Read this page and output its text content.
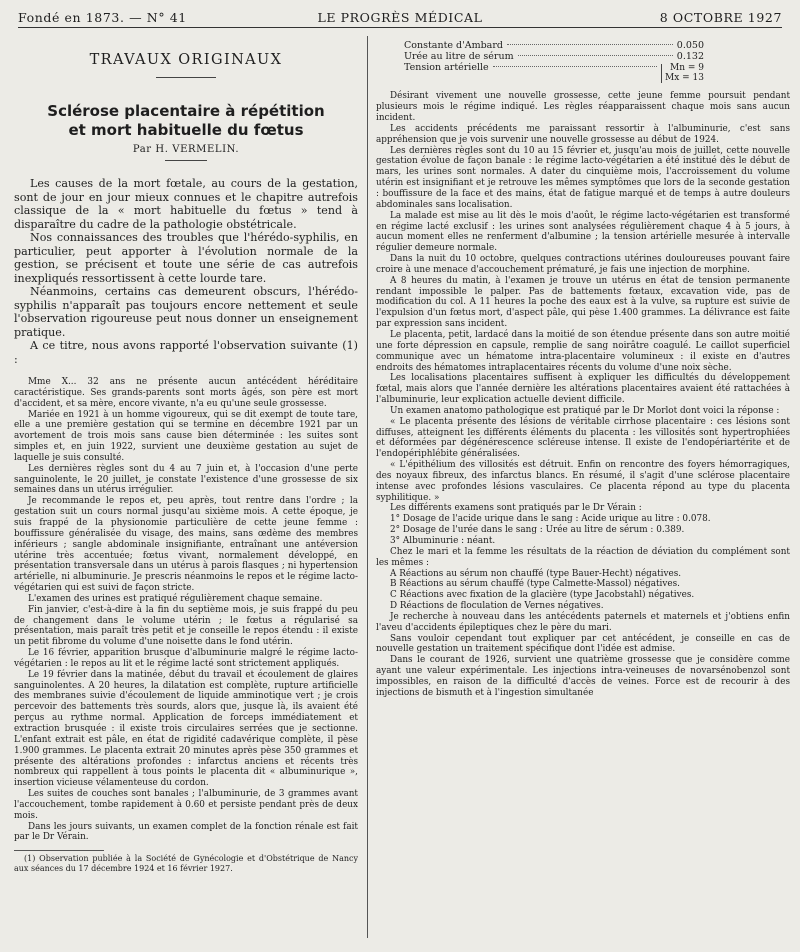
Fondé en 1873. — N° 41	LE PROGRÈS MÉDICAL	8 OCTOBRE 1927
TRAVAUX ORIGINAUX
Sclérose placentaire à répétition
et mort habituelle du fœtus
Par H. VERMELIN.

Les causes de la mort fœtale, au cours de la gestation, sont de jour en jour mieux connues et le chapitre autrefois classique de la « mort habituelle du fœtus » tend à disparaître du cadre de la pathologie obstétricale.

Nos connaissances des troubles que l'hérédo-syphilis, en particulier, peut apporter à l'évolution normale de la gestion, se précisent et toute une série de cas autrefois inexpliqués ressortissent à cette lourde tare.

Néanmoins, certains cas demeurent obscurs, l'hérédo-syphilis n'apparaît pas toujours encore nettement et seule l'observation rigoureuse peut nous donner un enseignement pratique.

A ce titre, nous avons rapporté l'observation suivante (1) :

Mme X... 32 ans ne présente aucun antécédent héréditaire caractéristique. Ses grands-parents sont morts âgés, son père est mort d'accident, et sa mère, encore vivante, n'a eu qu'une seule grossesse.

Mariée en 1921 à un homme vigoureux, qui se dit exempt de toute tare, elle a une première gestation qui se termine en décembre 1921 par un avortement de trois mois sans cause bien déterminée : les suites sont simples et, en juin 1922, survient une deuxième gestation au sujet de laquelle je suis consulté.

Les dernières règles sont du 4 au 7 juin et, à l'occasion d'une perte sanguinolente, le 20 juillet, je constate l'existence d'une grossesse de six semaines dans un utérus irrégulier.

Je recommande le repos et, peu après, tout rentre dans l'ordre ; la gestation suit un cours normal jusqu'au sixième mois. A cette époque, je suis frappé de la physionomie particulière de cette jeune femme : bouffissure généralisée du visage, des mains, sans œdème des membres inférieurs ; sangle abdominale insignifiante, entraînant une antéversion utérine très accentuée; fœtus vivant, normalement développé, en présentation transversale dans un utérus à parois flasques ; ni hypertension artérielle, ni albuminurie. Je prescris néanmoins le repos et le régime lacto-végétarien qui est suivi de façon stricte.

L'examen des urines est pratiqué régulièrement chaque semaine.

Fin janvier, c'est-à-dire à la fin du septième mois, je suis frappé du peu de changement dans le volume utérin ; le fœtus a régularisé sa présentation, mais paraît très petit et je conseille le repos étendu : il existe un petit fibrome du volume d'une noisette dans le fond utérin.

Le 16 février, apparition brusque d'albuminurie malgré le régime lacto-végétarien : le repos au lit et le régime lacté sont strictement appliqués.

Le 19 février dans la matinée, début du travail et écoulement de glaires sanguinolentes. A 20 heures, la dilatation est complète, rupture artificielle des membranes suivie d'écoulement de liquide amminotique vert ; je crois percevoir des battements très sourds, alors que, jusque là, ils avaient été perçus au rythme normal. Application de forceps immédiatement et extraction brusquée : il existe trois circulaires serrées que je sectionne. L'enfant extrait est pâle, en état de rigidité cadavérique complète, il pèse 1.900 grammes. Le placenta extrait 20 minutes après pèse 350 grammes et présente des altérations profondes : infarctus anciens et récents très nombreux qui rappellent à tous points le placenta dit « albuminurique », insertion vicieuse vélamenteuse du cordon.

Les suites de couches sont banales ; l'albuminurie, de 3 grammes avant l'accouchement, tombe rapidement à 0.60 et persiste pendant près de deux mois.

Dans les jours suivants, un examen complet de la fonction rénale est fait par le Dr Vérain.

(1) Observation publiée à la Société de Gynécologie et d'Obstétrique de Nancy aux séances du 17 décembre 1924 et 16 février 1927.
Constante d'Ambard	0.050
Urée au litre de sérum	0.132
Tension artérielle	Mn = 9
Mx = 13

Désirant vivement une nouvelle grossesse, cette jeune femme poursuit pendant plusieurs mois le régime indiqué. Les règles réapparaissent chaque mois sans aucun incident.

Les accidents précédents me paraissant ressortir à l'albuminurie, c'est sans appréhension que je vois survenir une nouvelle grossesse au début de 1924.

Les dernières règles sont du 10 au 15 février et, jusqu'au mois de juillet, cette nouvelle gestation évolue de façon banale : le régime lacto-végétarien a été institué dès le début de mars, les urines sont normales. A dater du cinquième mois, l'accroissement du volume utérin est insignifiant et je retrouve les mêmes symptômes que lors de la seconde gestation : bouffissure de la face et des mains, état de fatigue marqué et de temps à autre douleurs abdominales sans localisation.

La malade est mise au lit dès le mois d'août, le régime lacto-végétarien est transformé en régime lacté exclusif : les urines sont analysées régulièrement chaque 4 à 5 jours, à aucun moment elles ne renferment d'albumine ; la tension artérielle mesurée à intervalle régulier demeure normale.

Dans la nuit du 10 octobre, quelques contractions utérines douloureuses pouvant faire croire à une menace d'accouchement prématuré, je fais une injection de morphine.

A 8 heures du matin, à l'examen je trouve un utérus en état de tension permanente rendant impossible le palper. Pas de battements fœtaux, excavation vide, pas de modification du col. A 11 heures la poche des eaux est à la vulve, sa rupture est suivie de l'expulsion d'un fœtus mort, d'aspect pâle, qui pèse 1.400 grammes. La délivrance est faite par expression sans incident.

Le placenta, petit, lardacé dans la moitié de son étendue présente dans son autre moitié une forte dépression en capsule, remplie de sang noirâtre coagulé. Le caillot superficiel communique avec un hématome intra-placentaire volumineux : il existe en d'autres endroits des hématomes intraplacentaires récents du volume d'une noix sèche.

Les localisations placentaires suffisent à expliquer les difficultés du développement fœtal, mais alors que l'année dernière les altérations placentaires avaient été rattachées à l'albuminurie, leur explication actuelle devient difficile.

Un examen anatomo pathologique est pratiqué par le Dr Morlot dont voici la réponse :

« Le placenta présente des lésions de véritable cirrhose placentaire : ces lésions sont diffuses, atteignent les différents éléments du placenta : les villosités sont hypertrophiées et déformées par dégénérescence scléreuse intense. Il existe de l'endopériartérite et de l'endopériphlébite généralisées.

« L'épithélium des villosités est détruit. Enfin on rencontre des foyers hémorragiques, des noyaux fibreux, des infarctus blancs. En résumé, il s'agit d'une sclérose placentaire intense avec profondes lésions vasculaires. Ce placenta répond au type du placenta syphilitique. »

Les différents examens sont pratiqués par le Dr Vérain :

1° Dosage de l'acide urique dans le sang : Acide urique au litre : 0.078.

2° Dosage de l'urée dans le sang : Urée au litre de sérum : 0.389.

3° Albuminurie : néant.

Chez le mari et la femme les résultats de la réaction de déviation du complément sont les mêmes :

A Réactions au sérum non chauffé (type Bauer-Hecht) négatives.

B Réactions au sérum chauffé (type Calmette-Massol) négatives.

C Réactions avec fixation de la glacière (type Jacobstahl) négatives.

D Réactions de floculation de Vernes négatives.

Je recherche à nouveau dans les antécédents paternels et maternels et j'obtiens enfin l'aveu d'accidents épileptiques chez le père du mari.

Sans vouloir cependant tout expliquer par cet antécédent, je conseille en cas de nouvelle gestation un traitement spécifique dont l'idée est admise.

Dans le courant de 1926, survient une quatrième grossesse que je considère comme ayant une valeur expérimentale. Les injections intra-veineuses de novarsénobenzol sont impossibles, en raison de la difficulté d'accès de veines. Force est de recourir à des injections de bismuth et à l'ingestion simultanée
